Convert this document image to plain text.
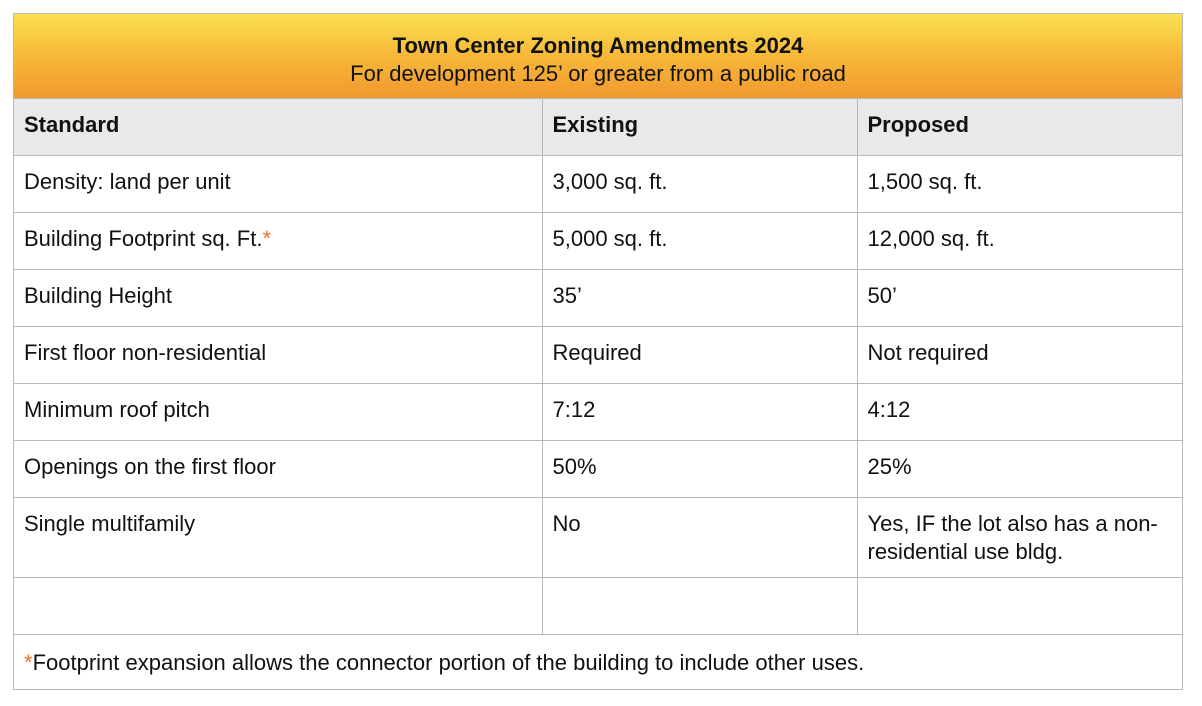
Town Center Zoning Amendments 2024
For development 125’ or greater from a public road
Standard	Existing	Proposed
Density: land per unit	3,000 sq. ft.	1,500 sq. ft.
Building Footprint sq. Ft.*	5,000 sq. ft.	12,000 sq. ft.
Building Height	35’	50’
First floor non-residential	Required	Not required
Minimum roof pitch	7:12	4:12
Openings on the first floor	50%	25%
Single multifamily	No	Yes, IF the lot also has a non-residential use bldg.

*Footprint expansion allows the connector portion of the building to include other uses.
